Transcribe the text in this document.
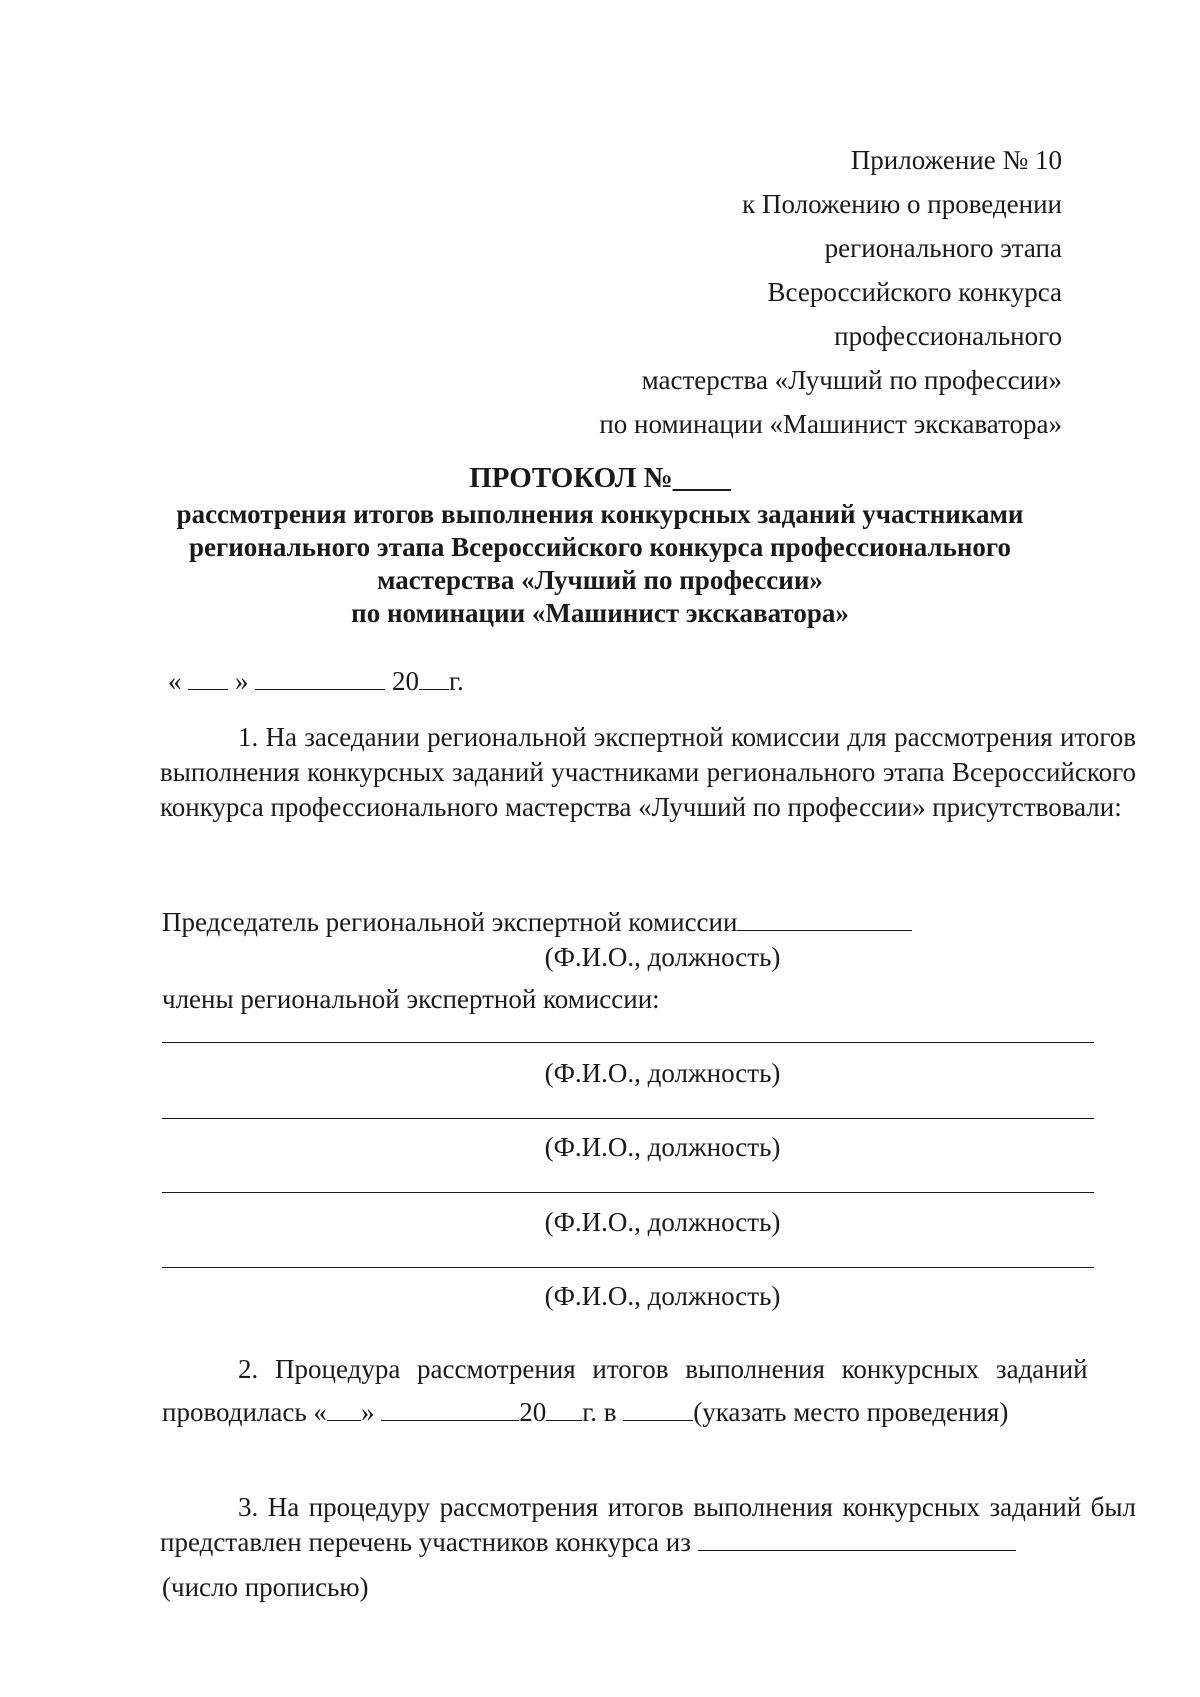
Приложение № 10
к Положению о проведении
регионального этапа
Всероссийского конкурса
профессионального
мастерства «Лучший по профессии»
по номинации «Машинист экскаватора»
ПРОТОКОЛ №____
рассмотрения итогов выполнения конкурсных заданий участниками
регионального этапа Всероссийского конкурса профессионального
мастерства «Лучший по профессии»
по номинации «Машинист экскаватора»
« »	20 г.
1. На заседании региональной экспертной комиссии для рассмотрения итогов выполнения конкурсных заданий участниками регионального этапа Всероссийского конкурса профессионального мастерства «Лучший по профессии» присутствовали:
Председатель региональной экспертной комиссии
(Ф.И.О., должность)
члены региональной экспертной комиссии:
(Ф.И.О., должность)
(Ф.И.О., должность)
(Ф.И.О., должность)
(Ф.И.О., должность)
2. Процедура рассмотрения итогов выполнения конкурсных заданий
проводилась « »	20 г. в	(указать место проведения)
3. На процедуру рассмотрения итогов выполнения конкурсных заданий был представлен перечень участников конкурса из
(число прописью)
